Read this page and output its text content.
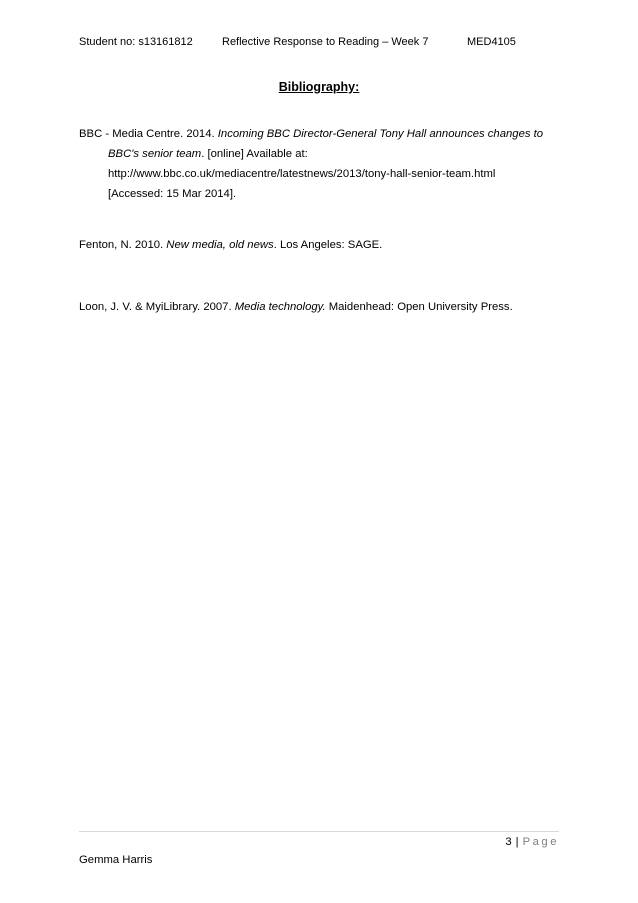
Student no: s13161812	Reflective Response to Reading – Week 7	MED4105
Bibliography:
BBC - Media Centre. 2014. Incoming BBC Director-General Tony Hall announces changes to
BBC's senior team. [online] Available at:
http://www.bbc.co.uk/mediacentre/latestnews/2013/tony-hall-senior-team.html
[Accessed: 15 Mar 2014].
Fenton, N. 2010. New media, old news. Los Angeles: SAGE.
Loon, J. V. & MyiLibrary. 2007. Media technology. Maidenhead: Open University Press.
3 | Page
Gemma Harris
